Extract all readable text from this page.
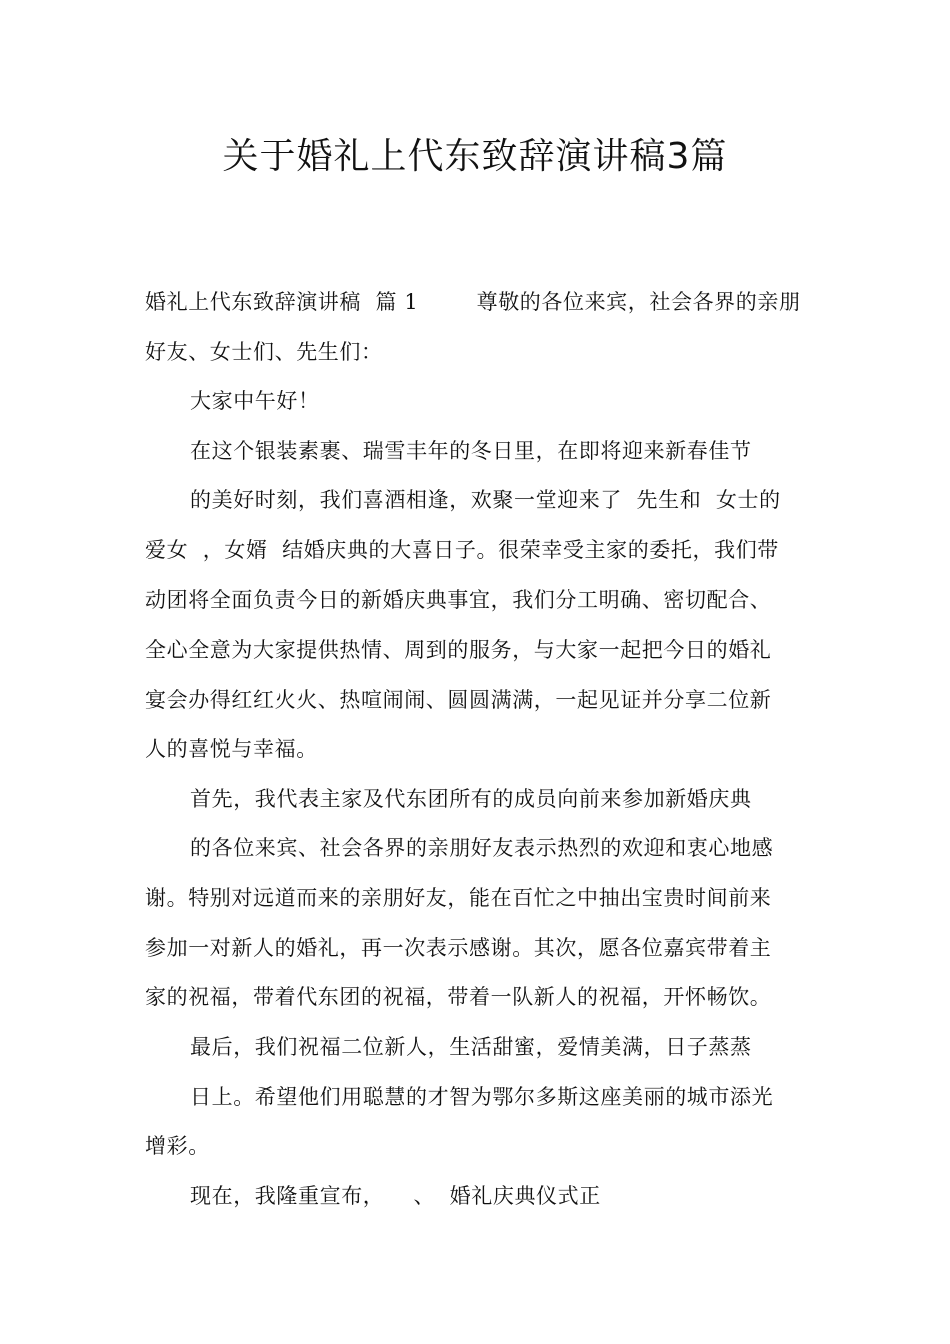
关于婚礼上代东致辞演讲稿3篇
婚礼上代东致辞演讲稿  篇 1        尊敬的各位来宾，社会各界的亲朋
好友、女士们、先生们：
大家中午好！
在这个银装素裹、瑞雪丰年的冬日里，在即将迎来新春佳节
的美好时刻，我们喜酒相逢，欢聚一堂迎来了  先生和  女士的
爱女  ，女婿  结婚庆典的大喜日子。很荣幸受主家的委托，我们带
动团将全面负责今日的新婚庆典事宜，我们分工明确、密切配合、
全心全意为大家提供热情、周到的服务，与大家一起把今日的婚礼
宴会办得红红火火、热喧闹闹、圆圆满满，一起见证并分享二位新
人的喜悦与幸福。
首先，我代表主家及代东团所有的成员向前来参加新婚庆典
的各位来宾、社会各界的亲朋好友表示热烈的欢迎和衷心地感
谢。特别对远道而来的亲朋好友，能在百忙之中抽出宝贵时间前来
参加一对新人的婚礼，再一次表示感谢。其次，愿各位嘉宾带着主
家的祝福，带着代东团的祝福，带着一队新人的祝福，开怀畅饮。
最后，我们祝福二位新人，生活甜蜜，爱情美满，日子蒸蒸
日上。希望他们用聪慧的才智为鄂尔多斯这座美丽的城市添光
增彩。
现在，我隆重宣布，    、  婚礼庆典仪式正
